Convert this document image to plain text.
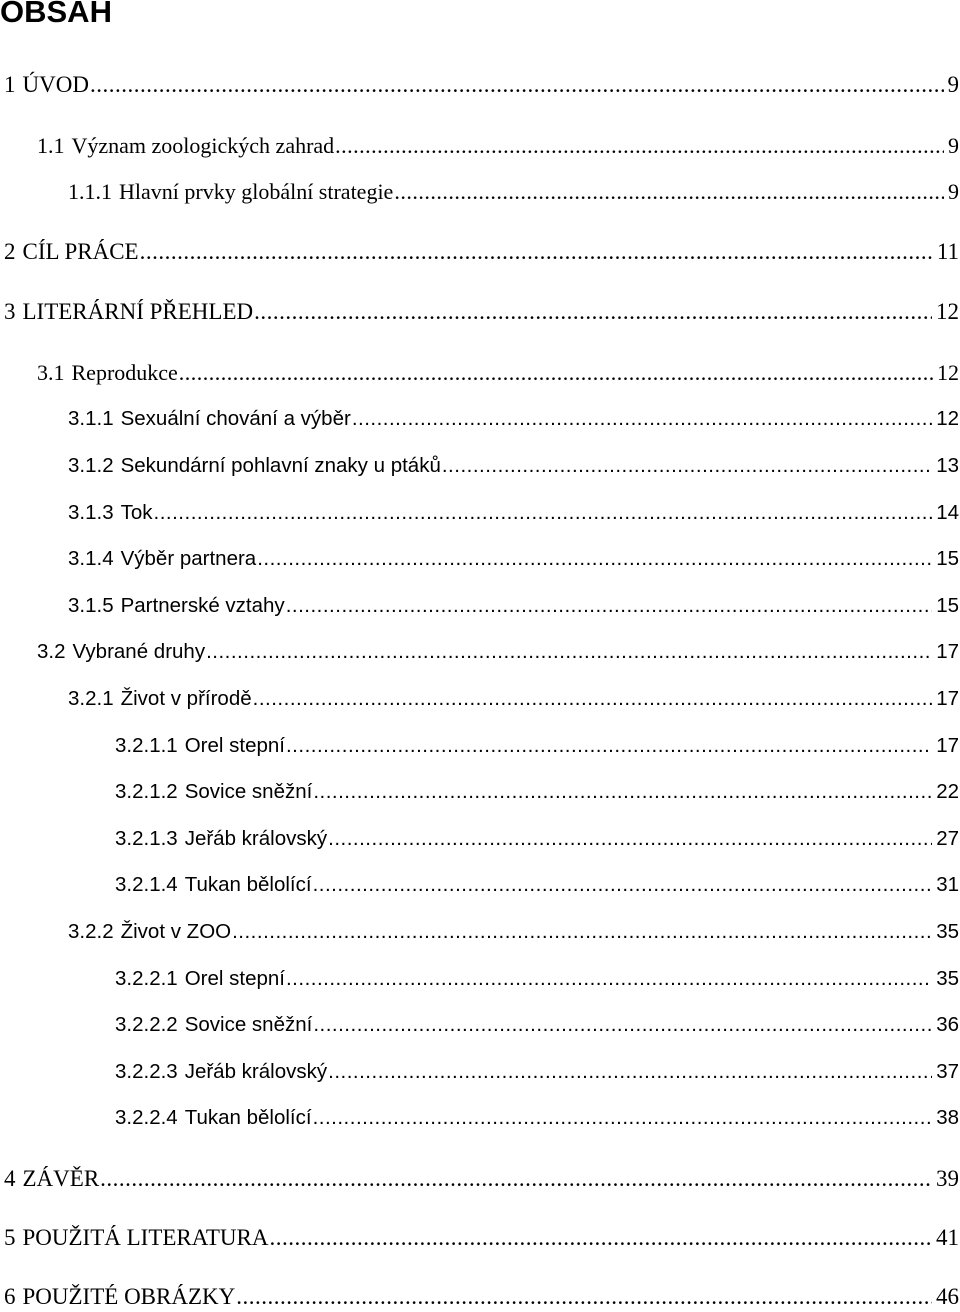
OBSAH
1 ÚVOD .....	9
1.1 Význam zoologických zahrad .....	9
1.1.1 Hlavní prvky globální strategie .....	9
2 CÍL PRÁCE .....	11
3 LITERÁRNÍ PŘEHLED .....	12
3.1 Reprodukce .....	12
3.1.1 Sexuální chování a výběr .....	12
3.1.2 Sekundární pohlavní znaky u ptáků .....	13
3.1.3 Tok .....	14
3.1.4 Výběr partnera .....	15
3.1.5 Partnerské vztahy .....	15
3.2 Vybrané druhy .....	17
3.2.1 Život v přírodě .....	17
3.2.1.1 Orel stepní .....	17
3.2.1.2 Sovice sněžní .....	22
3.2.1.3 Jeřáb královský .....	27
3.2.1.4 Tukan bělolící .....	31
3.2.2 Život v ZOO .....	35
3.2.2.1 Orel stepní .....	35
3.2.2.2 Sovice sněžní .....	36
3.2.2.3 Jeřáb královský .....	37
3.2.2.4 Tukan bělolící .....	38
4 ZÁVĚR .....	39
5 POUŽITÁ LITERATURA .....	41
6 POUŽITÉ OBRÁZKY .....	46
